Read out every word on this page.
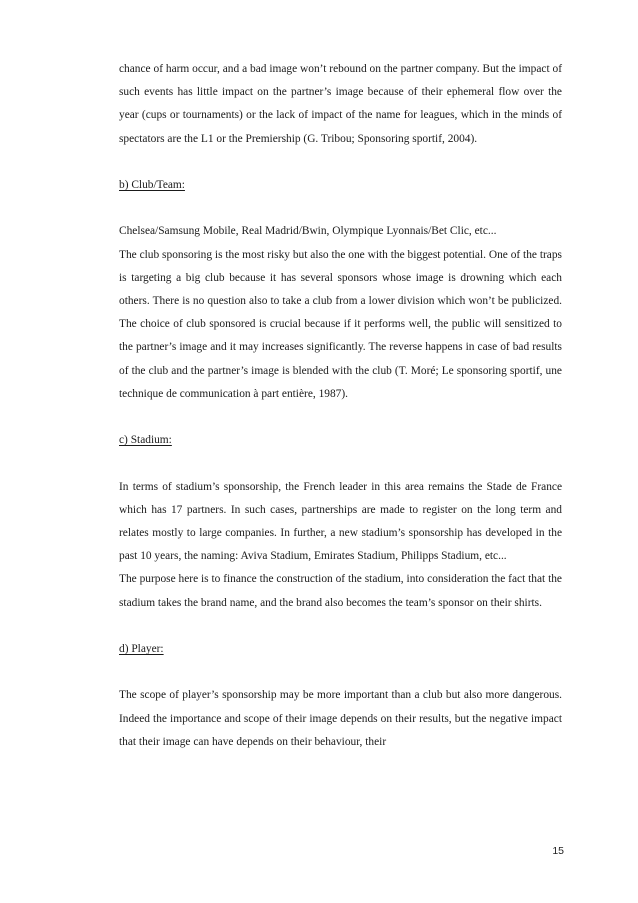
chance of harm occur, and a bad image won’t rebound on the partner company. But the impact of such events has little impact on the partner’s image because of their ephemeral flow over the year (cups or tournaments) or the lack of impact of the name for leagues, which in the minds of spectators are the L1 or the Premiership (G. Tribou; Sponsoring sportif, 2004).

b) Club/Team:

Chelsea/Samsung Mobile, Real Madrid/Bwin, Olympique Lyonnais/Bet Clic, etc...

The club sponsoring is the most risky but also the one with the biggest potential. One of the traps is targeting a big club because it has several sponsors whose image is drowning which each others. There is no question also to take a club from a lower division which won’t be publicized. The choice of club sponsored is crucial because if it performs well, the public will sensitized to the partner’s image and it may increases significantly. The reverse happens in case of bad results of the club and the partner’s image is blended with the club (T. Moré; Le sponsoring sportif, une technique de communication à part entière, 1987).

c) Stadium:

In terms of stadium’s sponsorship, the French leader in this area remains the Stade de France which has 17 partners. In such cases, partnerships are made to register on the long term and relates mostly to large companies. In further, a new stadium’s sponsorship has developed in the past 10 years, the naming: Aviva Stadium, Emirates Stadium, Philipps Stadium, etc...

The purpose here is to finance the construction of the stadium, into consideration the fact that the stadium takes the brand name, and the brand also becomes the team’s sponsor on their shirts.

d) Player:

The scope of player’s sponsorship may be more important than a club but also more dangerous. Indeed the importance and scope of their image depends on their results, but the negative impact that their image can have depends on their behaviour, their

15
